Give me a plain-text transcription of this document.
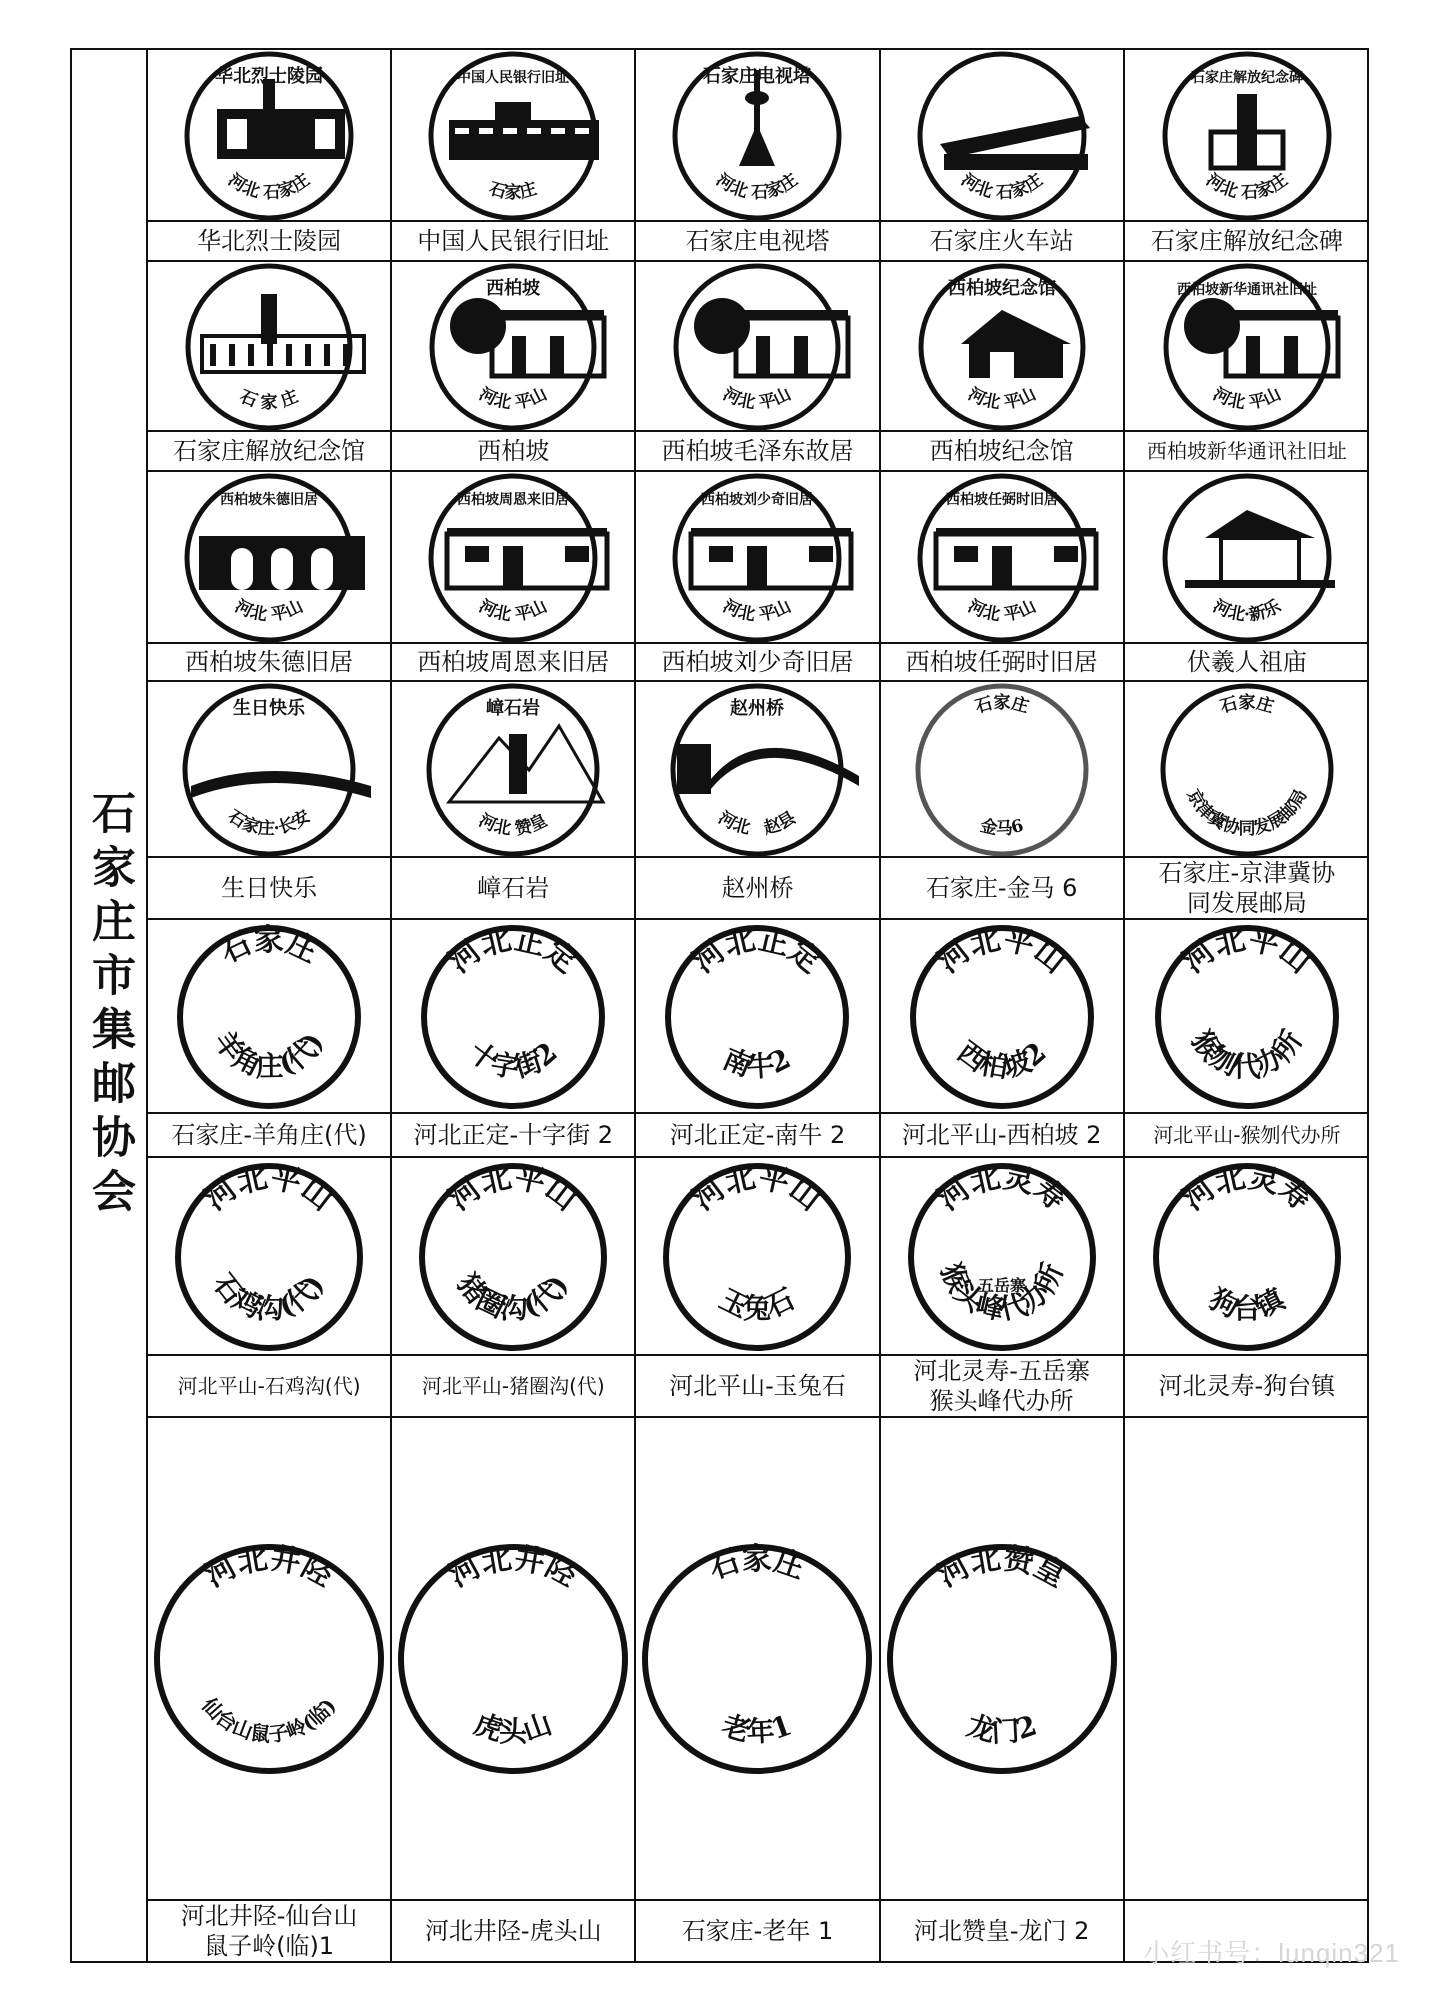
石家庄市集邮协会
华北烈士陵园
河北 石家庄
华北烈士陵园
中国人民银行旧址
石家庄
中国人民银行旧址
石家庄电视塔
河北 石家庄
石家庄电视塔
河北 石家庄
石家庄火车站
石家庄解放纪念碑
河北 石家庄
石家庄解放纪念碑
石 家 庄
石家庄解放纪念馆
西柏坡
河北 平山
西柏坡
河北 平山
西柏坡毛泽东故居
西柏坡纪念馆
河北 平山
西柏坡纪念馆
西柏坡新华通讯社旧址
河北 平山
西柏坡新华通讯社旧址
西柏坡朱德旧居
河北 平山
西柏坡朱德旧居
西柏坡周恩来旧居
河北 平山
西柏坡周恩来旧居
西柏坡刘少奇旧居
河北 平山
西柏坡刘少奇旧居
西柏坡任弼时旧居
河北 平山
西柏坡任弼时旧居
河北·新乐
伏羲人祖庙
生日快乐
石家庄·长安
生日快乐
嶂石岩
河北 赞皇
嶂石岩
赵州桥
河北　赵县
赵州桥
石家庄
金马6
石家庄-金马 6
石家庄
京津冀协同发展邮局
石家庄-京津冀协
同发展邮局
石家庄
羊角庄(代)
石家庄-羊角庄(代)
河北正定
十字街2
河北正定-十字街 2
河北正定
南牛2
河北正定-南牛 2
河北平山
西柏坡2
河北平山-西柏坡 2
河北平山
猴刎代办所
河北平山-猴刎代办所
河北平山
石鸡沟(代)
河北平山-石鸡沟(代)
河北平山
猪圈沟(代)
河北平山-猪圈沟(代)
河北平山
玉兔石
河北平山-玉兔石
河北灵寿
猴头峰代办所
五岳寨
河北灵寿-五岳寨
猴头峰代办所
河北灵寿
狗台镇
河北灵寿-狗台镇
河北井陉
仙台山鼠子岭(临)
河北井陉-仙台山
鼠子岭(临)1
河北井陉
虎头山
河北井陉-虎头山
石家庄
老年1
石家庄-老年 1
河北赞皇
龙门2
河北赞皇-龙门 2
小红书号：lunqin321
